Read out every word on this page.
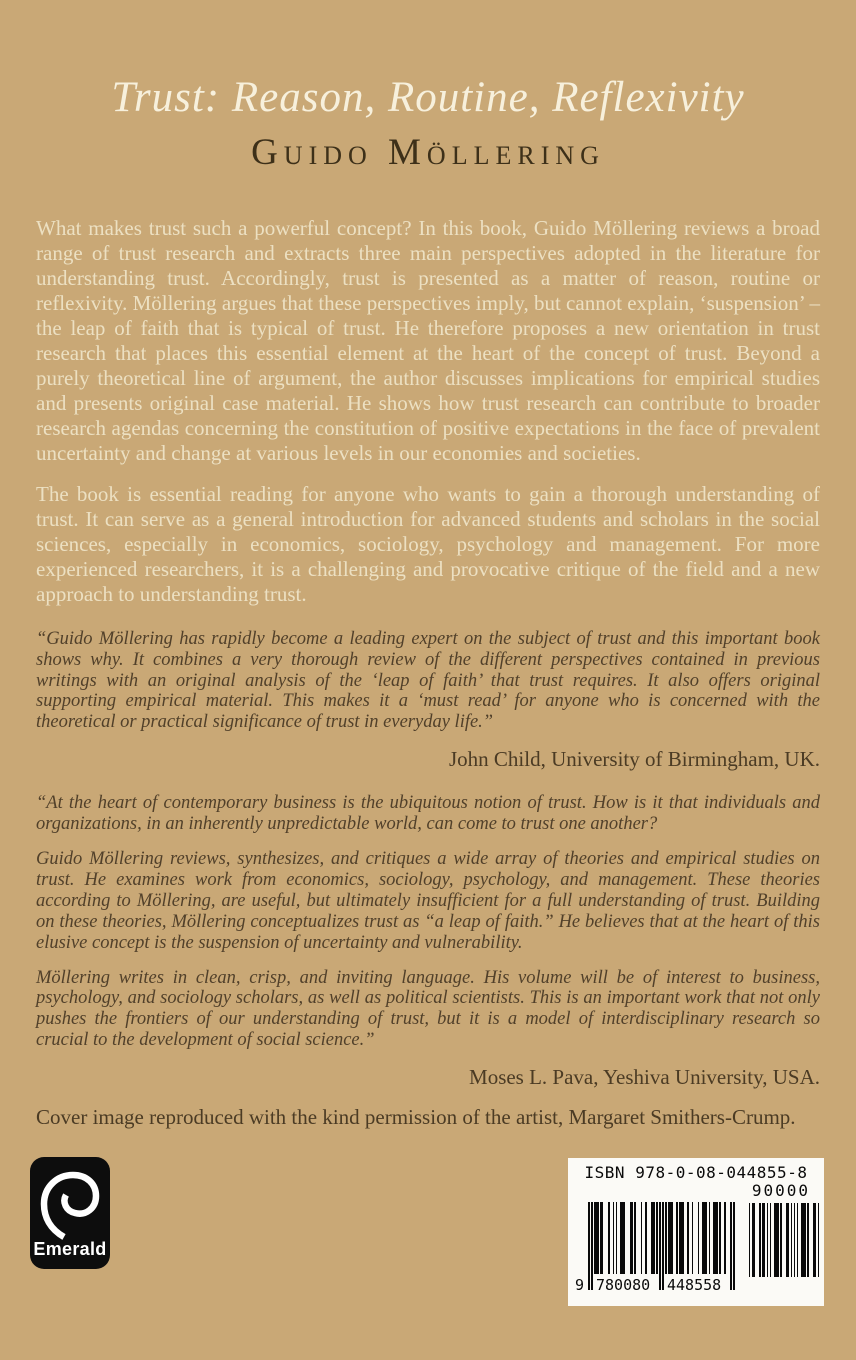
Trust: Reason, Routine, Reflexivity
Guido Möllering

What makes trust such a powerful concept? In this book, Guido Möllering reviews a broad range of trust research and extracts three main perspectives adopted in the literature for understanding trust. Accordingly, trust is presented as a matter of reason, routine or reflexivity. Möllering argues that these perspectives imply, but cannot explain, ‘suspension’ – the leap of faith that is typical of trust. He therefore proposes a new orientation in trust research that places this essential element at the heart of the concept of trust. Beyond a purely theoretical line of argument, the author discusses implications for empirical studies and presents original case material. He shows how trust research can contribute to broader research agendas concerning the constitution of positive expectations in the face of prevalent uncertainty and change at various levels in our economies and societies.

The book is essential reading for anyone who wants to gain a thorough understanding of trust. It can serve as a general introduction for advanced students and scholars in the social sciences, especially in economics, sociology, psychology and management. For more experienced researchers, it is a challenging and provocative critique of the field and a new approach to understanding trust.

“Guido Möllering has rapidly become a leading expert on the subject of trust and this important book shows why. It combines a very thorough review of the different perspectives contained in previous writings with an original analysis of the ‘leap of faith’ that trust requires. It also offers original supporting empirical material. This makes it a ‘must read’ for anyone who is concerned with the theoretical or practical significance of trust in everyday life.”

John Child, University of Birmingham, UK.

“At the heart of contemporary business is the ubiquitous notion of trust. How is it that individuals and organizations, in an inherently unpredictable world, can come to trust one another?

Guido Möllering reviews, synthesizes, and critiques a wide array of theories and empirical studies on trust. He examines work from economics, sociology, psychology, and management. These theories according to Möllering, are useful, but ultimately insufficient for a full understanding of trust. Building on these theories, Möllering conceptualizes trust as “a leap of faith.” He believes that at the heart of this elusive concept is the suspension of uncertainty and vulnerability.

Möllering writes in clean, crisp, and inviting language. His volume will be of interest to business, psychology, and sociology scholars, as well as political scientists. This is an important work that not only pushes the frontiers of our understanding of trust, but it is a model of interdisciplinary research so crucial to the development of social science.”

Moses L. Pava, Yeshiva University, USA.

Cover image reproduced with the kind permission of the artist, Margaret Smithers-Crump.

Emerald
ISBN 978-0-08-044855-8
90000
9 780080 448558
